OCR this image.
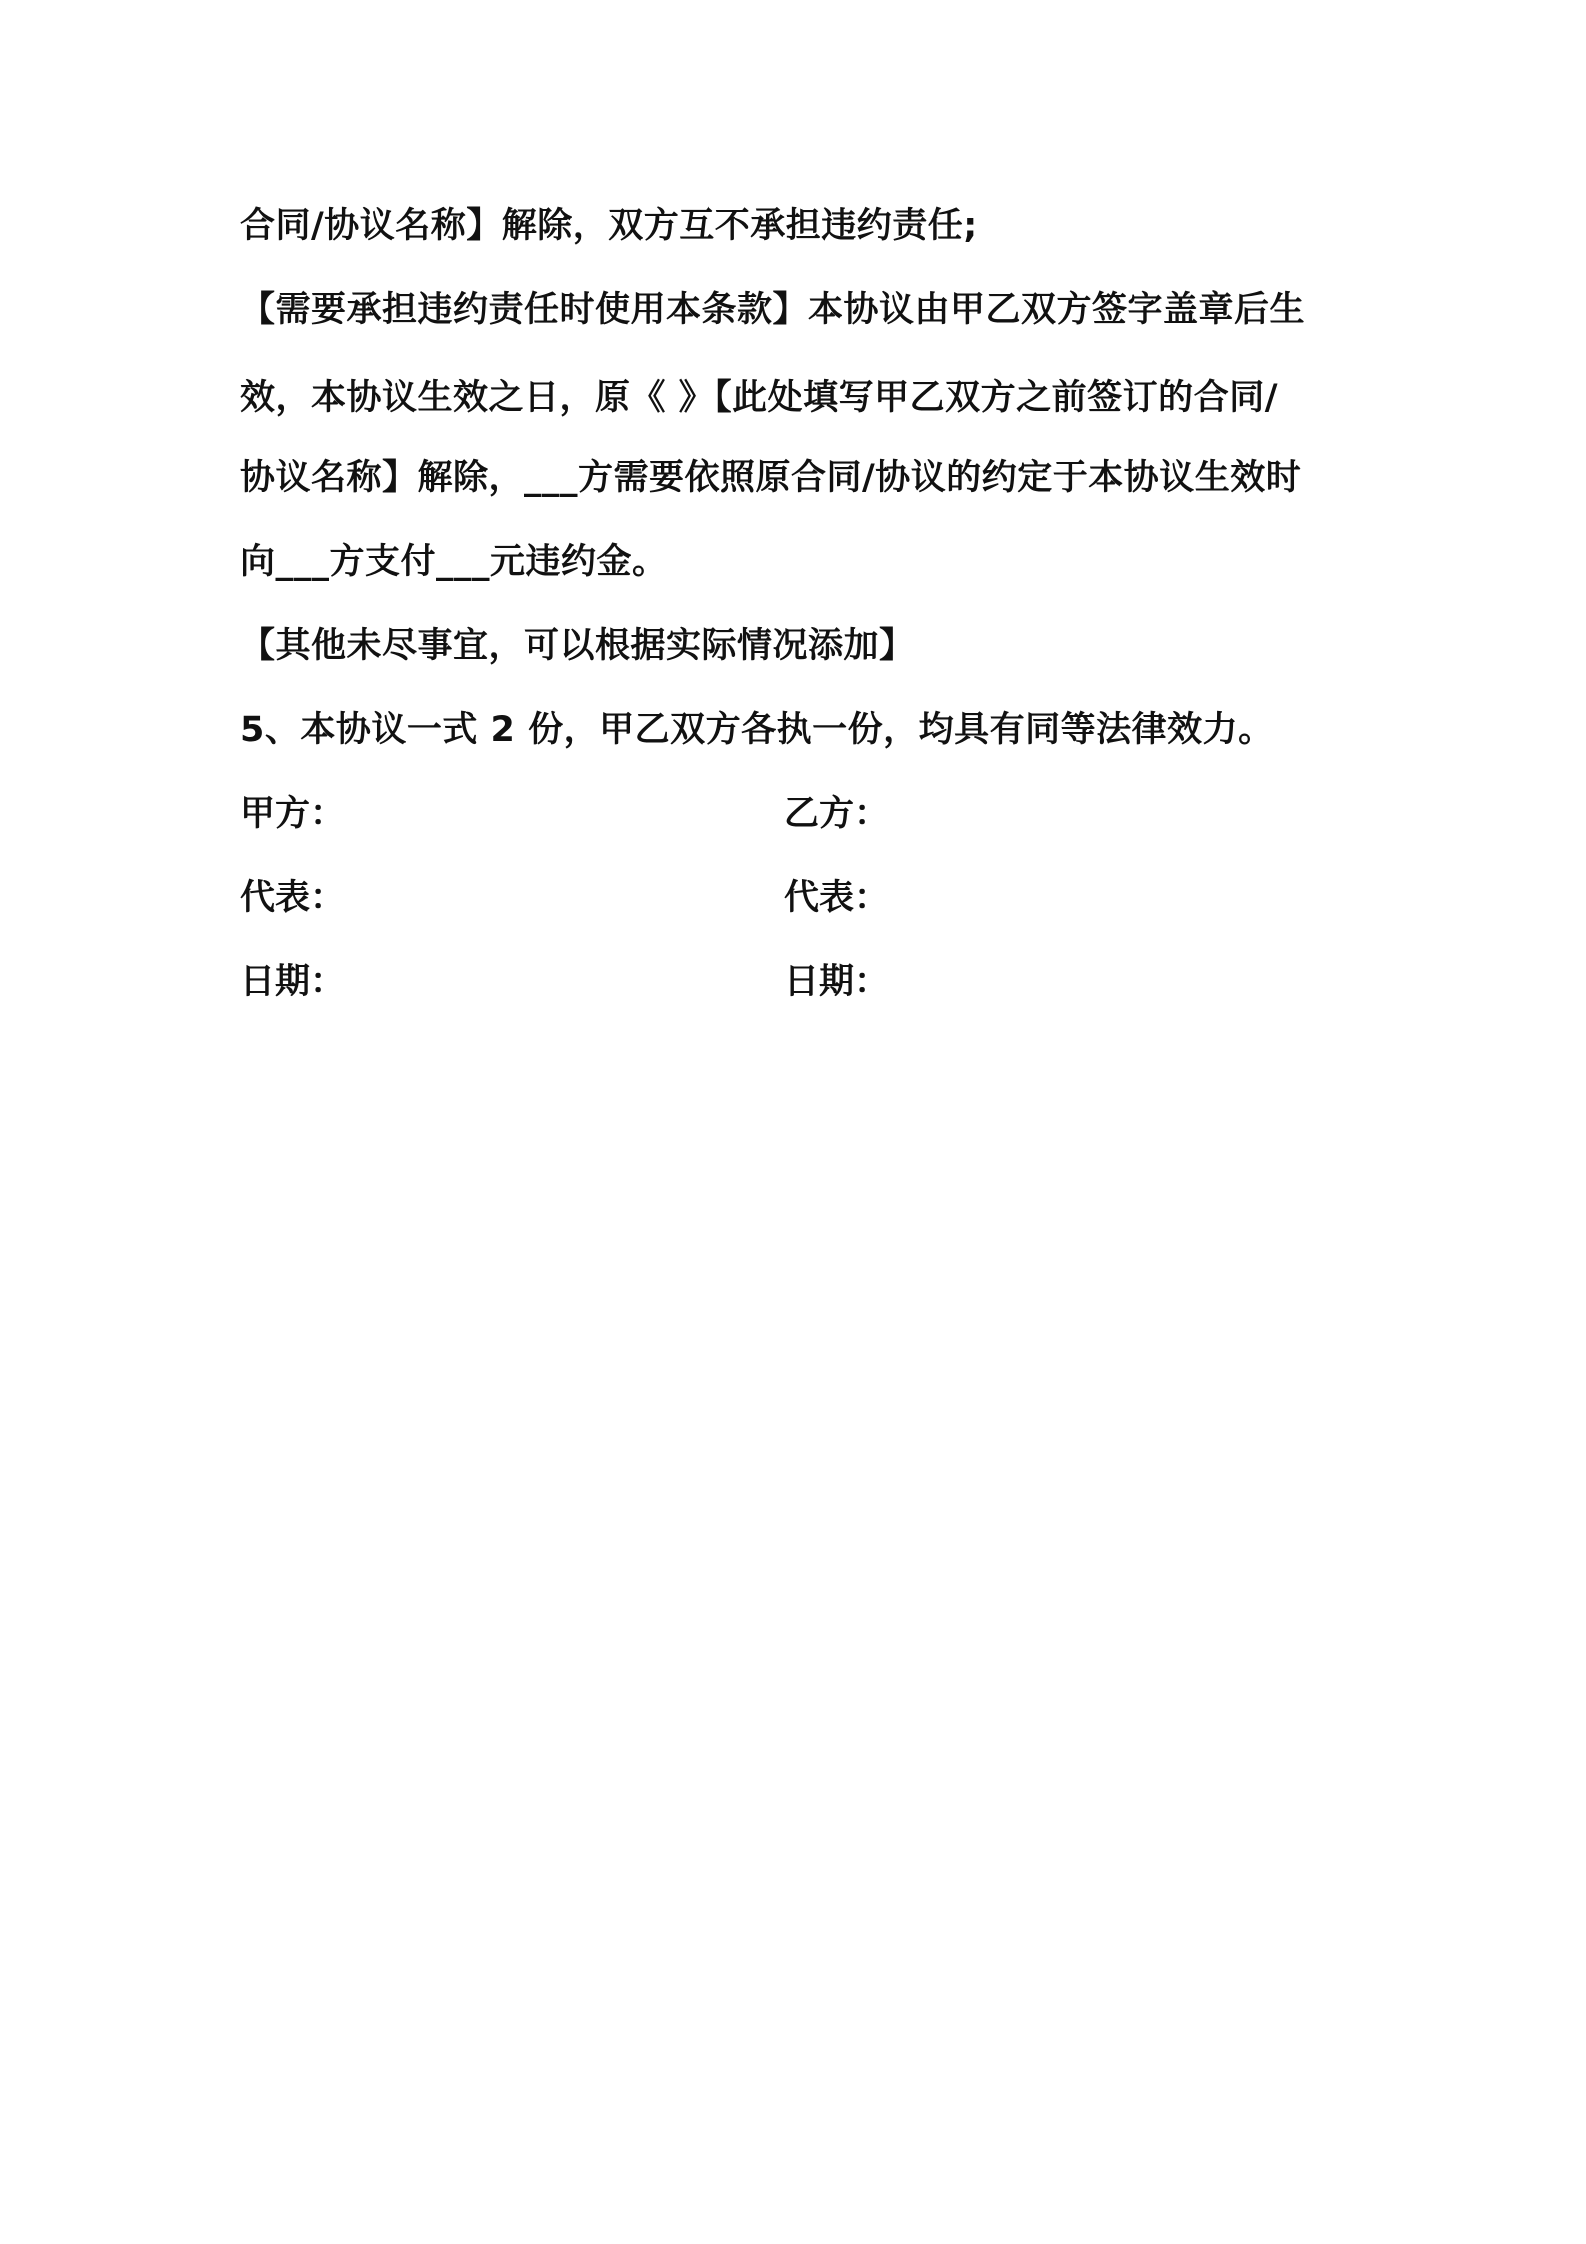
合同/协议名称】解除，双方互不承担违约责任;
【需要承担违约责任时使用本条款】本协议由甲乙双方签字盖章后生
效，本协议生效之日，原《 》【此处填写甲乙双方之前签订的合同/
协议名称】解除，___方需要依照原合同/协议的约定于本协议生效时
向___方支付___元违约金。
【其他未尽事宜，可以根据实际情况添加】
5、本协议一式 2 份，甲乙双方各执一份，均具有同等法律效力。
甲方：	乙方：
代表：	代表：
日期：	日期：
